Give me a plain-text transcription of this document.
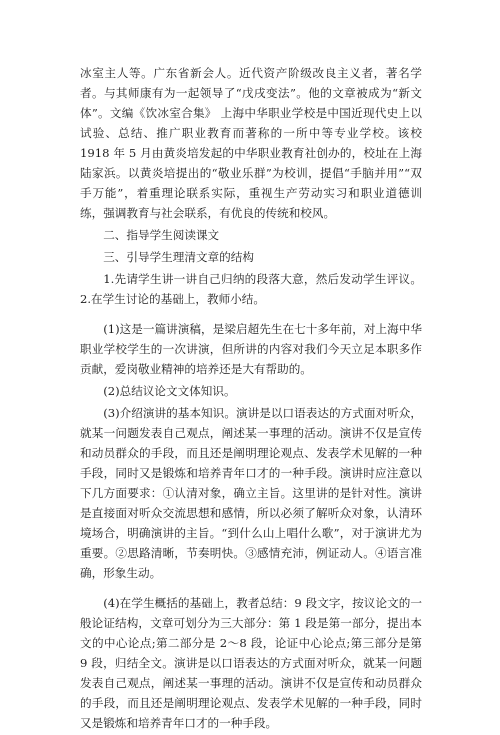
冰室主人等。广东省新会人。近代资产阶级改良主义者，著名学者。与其师康有为一起领导了“戊戌变法”。他的文章被成为“新文体”。文编《饮冰室合集》 上海中华职业学校是中国近现代史上以试验、总结、推广职业教育而著称的一所中等专业学校。该校 1918 年 5 月由黄炎培发起的中华职业教育社创办的，校址在上海陆家浜。以黄炎培提出的“敬业乐群”为校训，提倡“手脑并用”“双手万能”，着重理论联系实际，重视生产劳动实习和职业道德训练，强调教育与社会联系，有优良的传统和校风。

二、指导学生阅读课文

三、引导学生理清文章的结构

1.先请学生讲一讲自己归纳的段落大意，然后发动学生评议。2.在学生讨论的基础上，教师小结。

(1)这是一篇讲演稿，是梁启超先生在七十多年前，对上海中华职业学校学生的一次讲演，但所讲的内容对我们今天立足本职多作贡献，爱岗敬业精神的培养还是大有帮助的。

(2)总结议论文文体知识。

(3)介绍演讲的基本知识。演讲是以口语表达的方式面对听众，就某一问题发表自己观点，阐述某一事理的活动。演讲不仅是宣传和动员群众的手段，而且还是阐明理论观点、发表学术见解的一种手段，同时又是锻炼和培养青年口才的一种手段。演讲时应注意以下几方面要求：①认清对象，确立主旨。这里讲的是针对性。演讲是直接面对听众交流思想和感情，所以必须了解听众对象，认清环境场合，明确演讲的主旨。“到什么山上唱什么歌”，对于演讲尤为重要。②思路清晰，节奏明快。③感情充沛，例证动人。④语言准确，形象生动。

(4)在学生概括的基础上，教者总结：9 段文字，按议论文的一般论证结构，文章可划分为三大部分：第 1 段是第一部分，提出本文的中心论点;第二部分是 2～8 段，论证中心论点;第三部分是第 9 段，归结全文。演讲是以口语表达的方式面对听众，就某一问题发表自己观点，阐述某一事理的活动。演讲不仅是宣传和动员群众的手段，而且还是阐明理论观点、发表学术见解的一种手段，同时又是锻炼和培养青年口才的一种手段。
